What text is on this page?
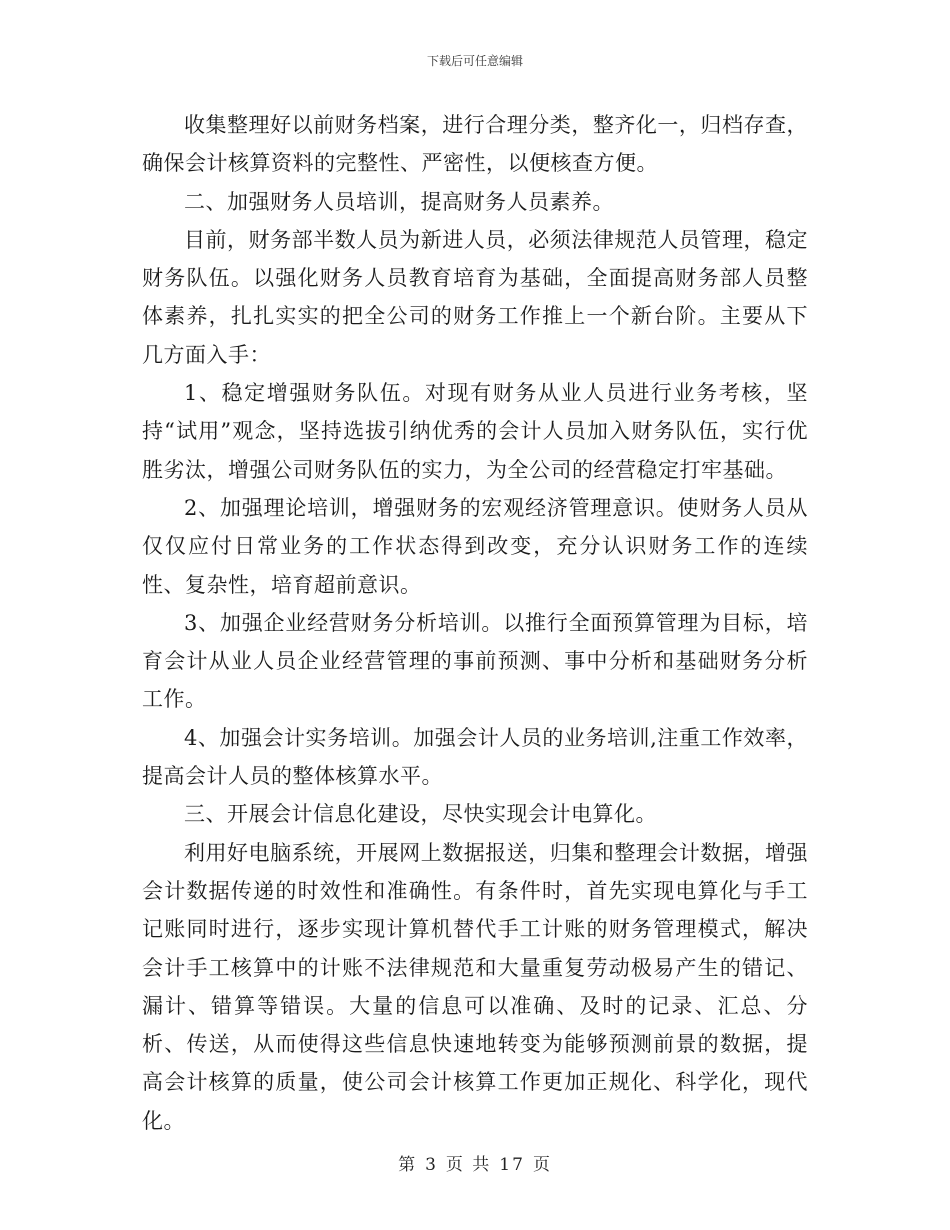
下载后可任意编辑

收集整理好以前财务档案，进行合理分类，整齐化一，归档存查，确保会计核算资料的完整性、严密性，以便核查方便。

二、加强财务人员培训，提高财务人员素养。

目前，财务部半数人员为新进人员，必须法律规范人员管理，稳定财务队伍。以强化财务人员教育培育为基础，全面提高财务部人员整体素养，扎扎实实的把全公司的财务工作推上一个新台阶。主要从下几方面入手：

1、稳定增强财务队伍。对现有财务从业人员进行业务考核，坚持“试用”观念，坚持选拔引纳优秀的会计人员加入财务队伍，实行优胜劣汰，增强公司财务队伍的实力，为全公司的经营稳定打牢基础。

2、加强理论培训，增强财务的宏观经济管理意识。使财务人员从仅仅应付日常业务的工作状态得到改变，充分认识财务工作的连续性、复杂性，培育超前意识。

3、加强企业经营财务分析培训。以推行全面预算管理为目标，培育会计从业人员企业经营管理的事前预测、事中分析和基础财务分析工作。

4、加强会计实务培训。加强会计人员的业务培训,注重工作效率，提高会计人员的整体核算水平。

三、开展会计信息化建设，尽快实现会计电算化。

利用好电脑系统，开展网上数据报送，归集和整理会计数据，增强会计数据传递的时效性和准确性。有条件时，首先实现电算化与手工记账同时进行，逐步实现计算机替代手工计账的财务管理模式，解决会计手工核算中的计账不法律规范和大量重复劳动极易产生的错记、漏计、错算等错误。大量的信息可以准确、及时的记录、汇总、分析、传送，从而使得这些信息快速地转变为能够预测前景的数据，提高会计核算的质量，使公司会计核算工作更加正规化、科学化，现代化。

第 3 页 共 17 页
